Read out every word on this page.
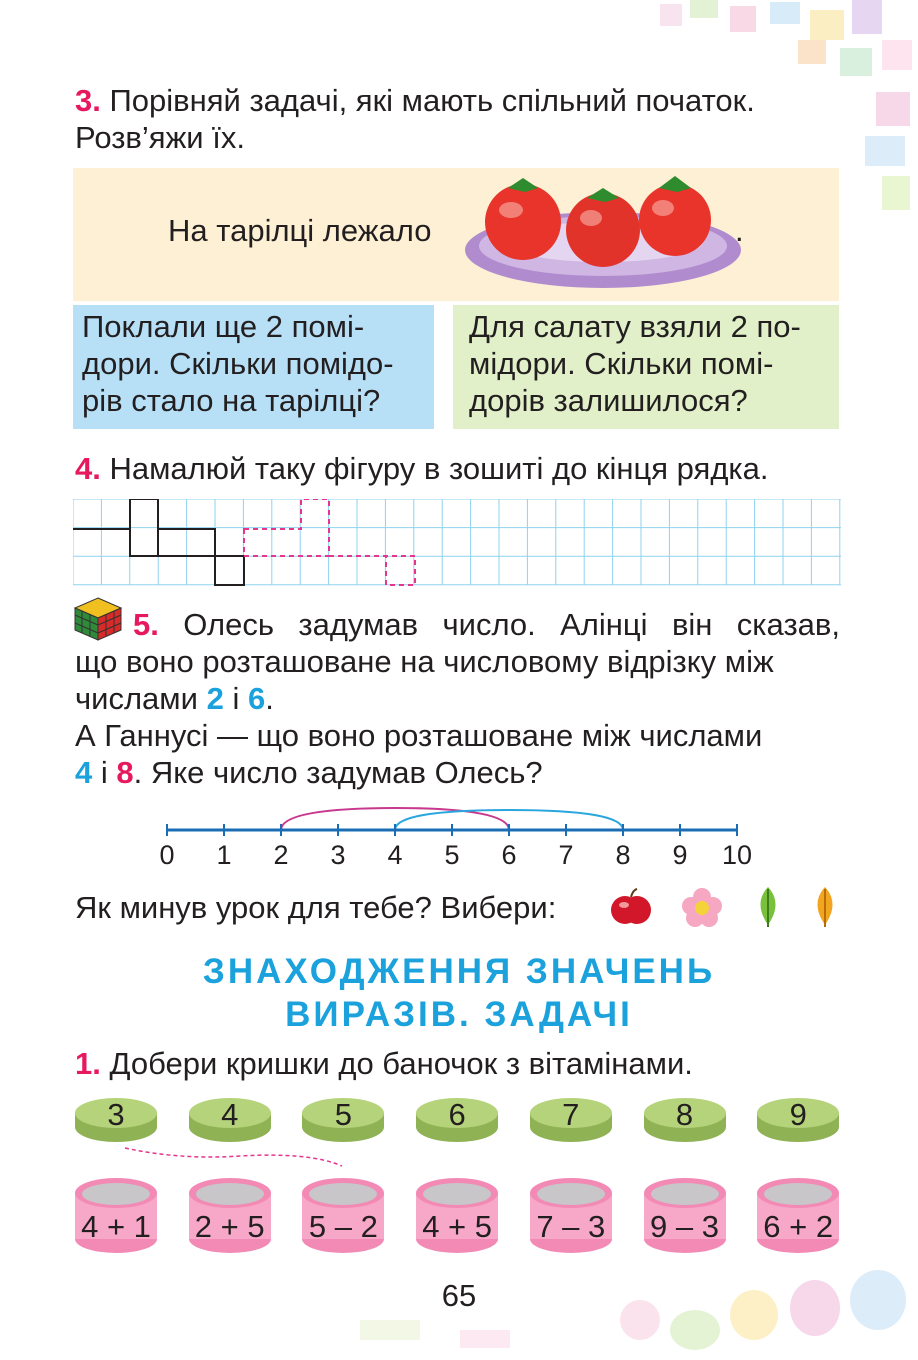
3. Порівняй задачі, які мають спільний початок.
Розв’яжи їх.
На тарілці лежало	.
Поклали ще 2 помі-
дори. Скільки помідо-
рів стало на тарілці?
Для салату взяли 2 по-
мідори. Скільки помі-
дорів залишилося?
4. Намалюй таку фігуру в зошиті до кінця рядка.
5. Олесь задумав число. Алінці він сказав,
що воно розташоване на числовому відрізку між
числами 2 і 6.
А Ганнусі — що воно розташоване між числами
4 і 8. Яке число задумав Олесь?
0	1	2	3	4	5	6	7	8	9	10
Як минув урок для тебе? Вибери:
ЗНАХОДЖЕННЯ ЗНАЧЕНЬ
ВИРАЗІВ. ЗАДАЧІ
1. Добери кришки до баночок з вітамінами.
3	4	5	6	7	8	9
4 + 1 2 + 5 5 – 2 4 + 5 7 – 3 9 – 3 6 + 2
65
